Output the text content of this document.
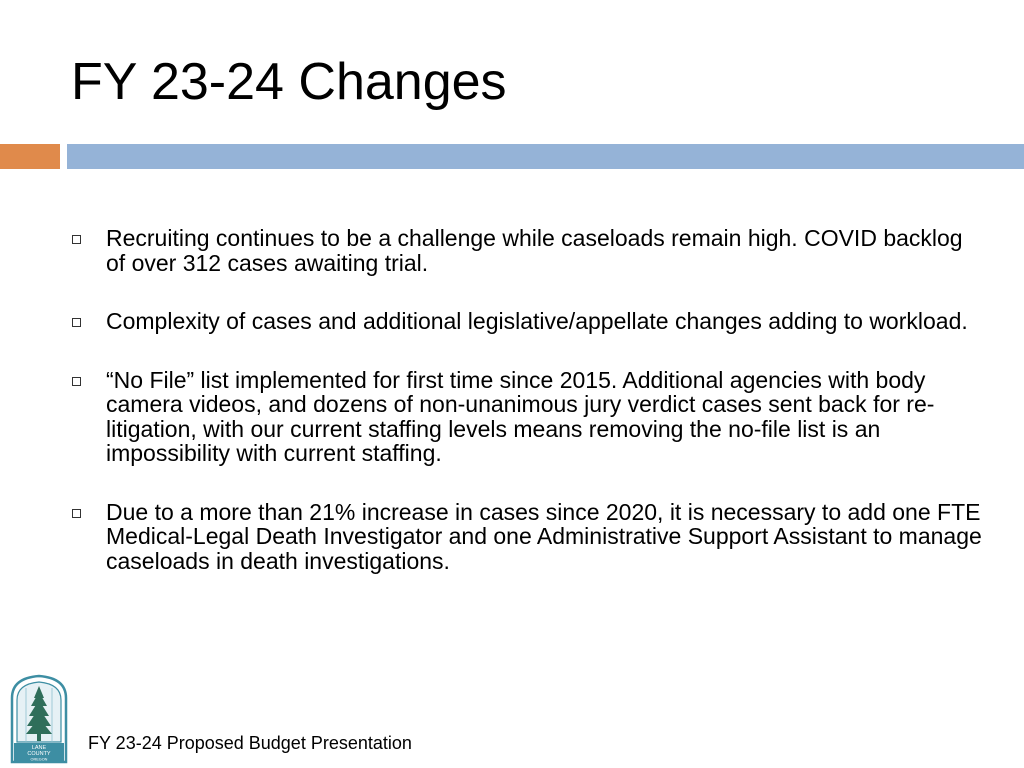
FY 23-24 Changes
Recruiting continues to be a challenge while caseloads remain high. COVID backlog of over 312 cases awaiting trial.
Complexity of cases and additional legislative/appellate changes adding to workload.
“No File” list implemented for first time since 2015. Additional agencies with body camera videos, and dozens of non-unanimous jury verdict cases sent back for re-litigation, with our current staffing levels means removing the no-file list is an impossibility with current staffing.
Due to a more than 21% increase in cases since 2020, it is necessary to add one FTE Medical-Legal Death Investigator and one Administrative Support Assistant to manage caseloads in death investigations.
LANE
COUNTY
OREGON
FY 23-24 Proposed Budget Presentation
